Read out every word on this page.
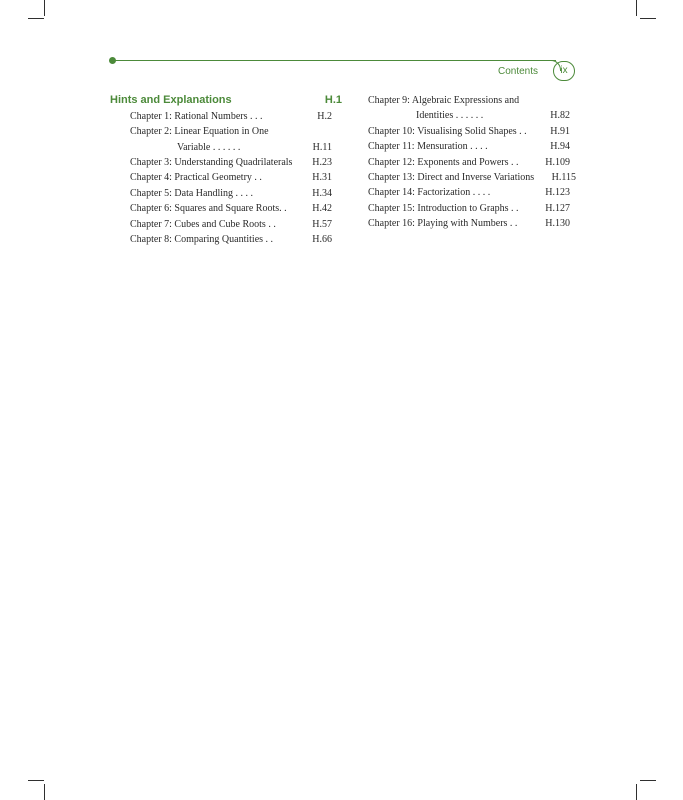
Contents	ix
Hints and Explanations	H.1
Chapter 1: Rational Numbers . . .	H.2
Chapter 2: Linear Equation in One
Variable . . . . . .	H.11
Chapter 3: Understanding Quadrilaterals H.23
Chapter 4: Practical Geometry . .	H.31
Chapter 5: Data Handling . . . .	H.34
Chapter 6: Squares and Square Roots. .	H.42
Chapter 7: Cubes and Cube Roots . .	H.57
Chapter 8: Comparing Quantities . .	H.66
Chapter 9: Algebraic Expressions and
Identities . . . . . .	H.82
Chapter 10: Visualising Solid Shapes . . H.91
Chapter 11: Mensuration . . . .	H.94
Chapter 12: Exponents and Powers . .	H.109
Chapter 13: Direct and Inverse Variations H.115
Chapter 14: Factorization . . . .	H.123
Chapter 15: Introduction to Graphs . .	H.127
Chapter 16: Playing with Numbers . .	H.130
